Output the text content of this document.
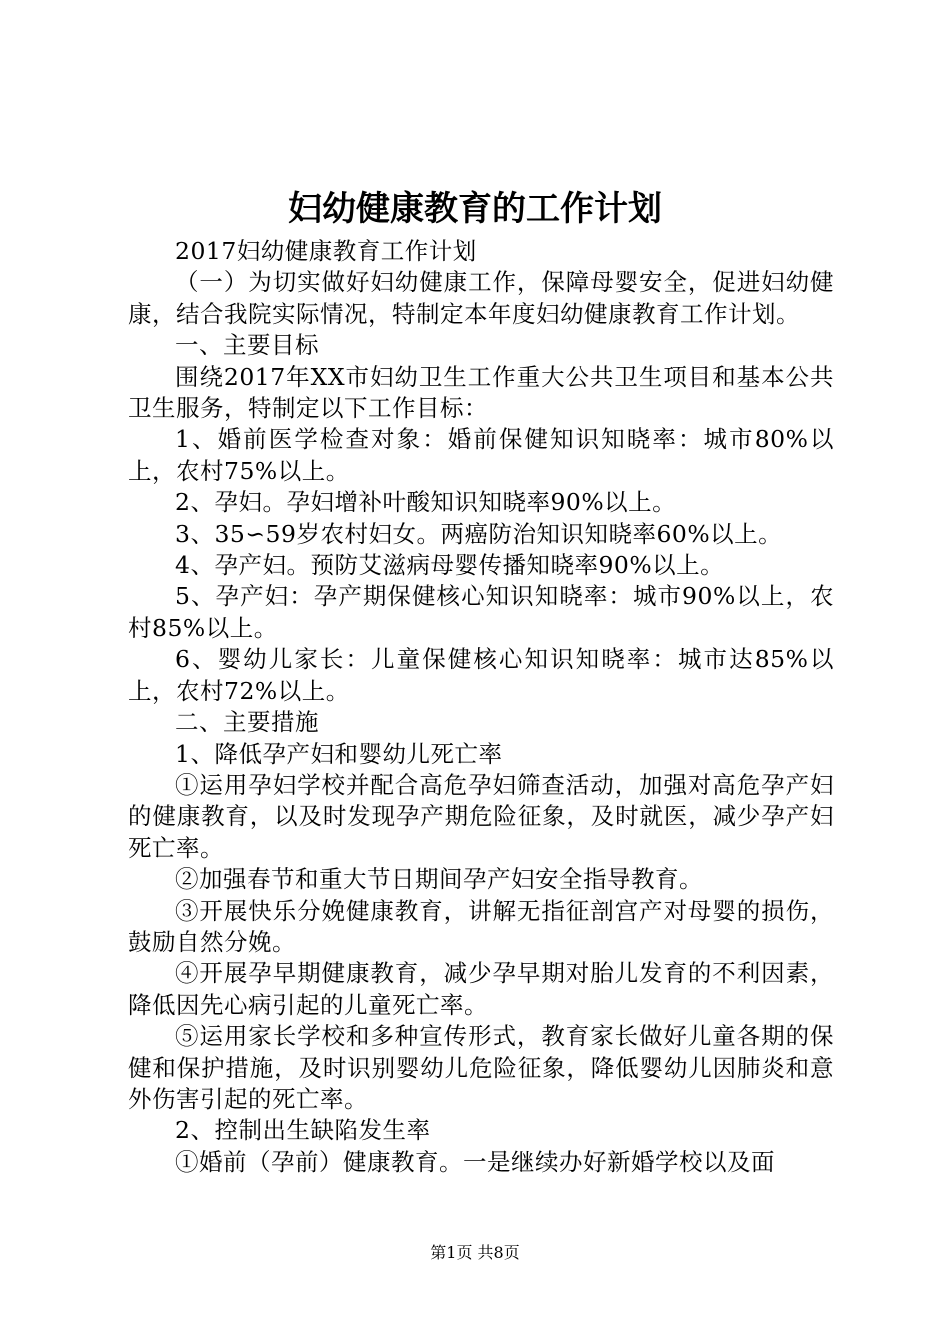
妇幼健康教育的工作计划

2017妇幼健康教育工作计划

（一）为切实做好妇幼健康工作，保障母婴安全，促进妇幼健康，结合我院实际情况，特制定本年度妇幼健康教育工作计划。

一、主要目标

围绕2017年XX市妇幼卫生工作重大公共卫生项目和基本公共卫生服务，特制定以下工作目标：

1、婚前医学检查对象：婚前保健知识知晓率：城市80%以上，农村75%以上。

2、孕妇。孕妇增补叶酸知识知晓率90%以上。

3、35∽59岁农村妇女。两癌防治知识知晓率60%以上。

4、孕产妇。预防艾滋病母婴传播知晓率90%以上。

5、孕产妇：孕产期保健核心知识知晓率：城市90%以上，农村85%以上。

6、婴幼儿家长：儿童保健核心知识知晓率：城市达85%以上，农村72%以上。

二、主要措施

1、降低孕产妇和婴幼儿死亡率

①运用孕妇学校并配合高危孕妇筛查活动，加强对高危孕产妇的健康教育，以及时发现孕产期危险征象，及时就医，减少孕产妇死亡率。

②加强春节和重大节日期间孕产妇安全指导教育。

③开展快乐分娩健康教育，讲解无指征剖宫产对母婴的损伤，鼓励自然分娩。

④开展孕早期健康教育，减少孕早期对胎儿发育的不利因素，降低因先心病引起的儿童死亡率。

⑤运用家长学校和多种宣传形式，教育家长做好儿童各期的保健和保护措施，及时识别婴幼儿危险征象，降低婴幼儿因肺炎和意外伤害引起的死亡率。

2、控制出生缺陷发生率

①婚前（孕前）健康教育。一是继续办好新婚学校以及面

第1页 共8页
